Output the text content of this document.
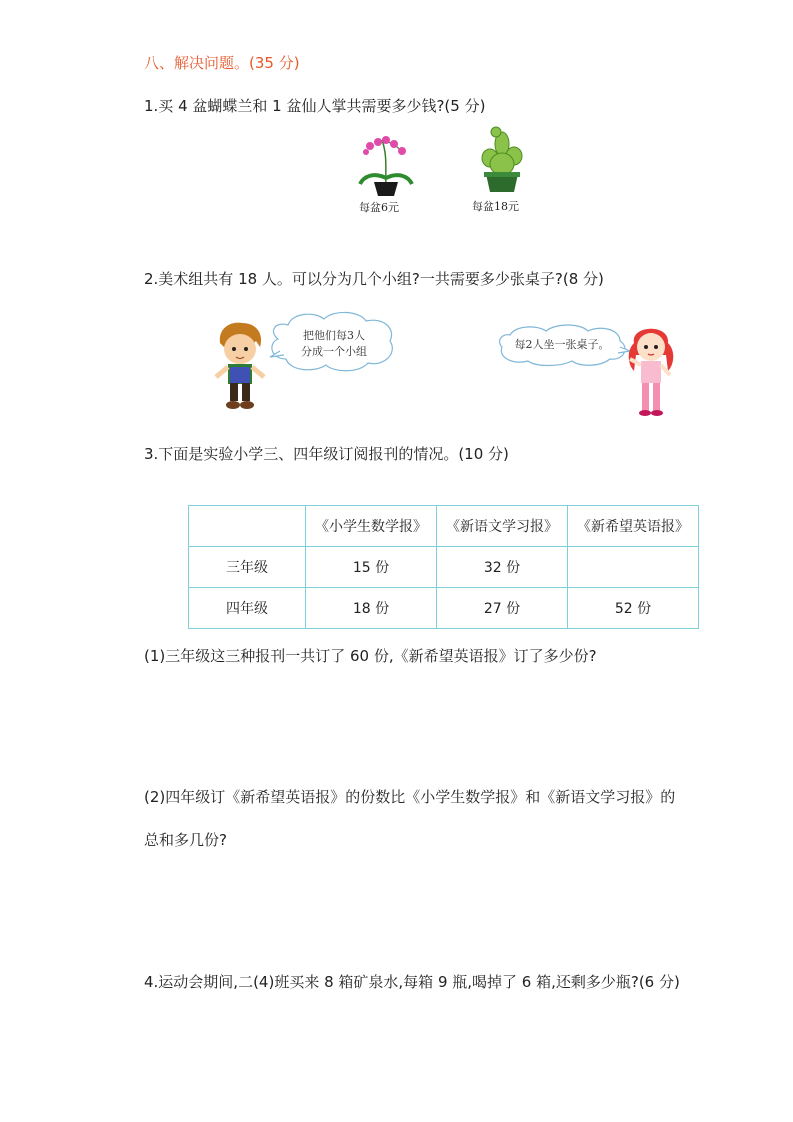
八、解决问题。(35 分)
1.买 4 盆蝴蝶兰和 1 盆仙人掌共需要多少钱?(5 分)
每盆6元	每盆18元
2.美术组共有 18 人。可以分为几个小组?一共需要多少张桌子?(8 分)
把他们每3人
分成一个小组
每2人坐一张桌子。
3.下面是实验小学三、四年级订阅报刊的情况。(10 分)
	《小学生数学报》	《新语文学习报》	《新希望英语报》
三年级	15 份	32 份	
四年级	18 份	27 份	52 份
(1)三年级这三种报刊一共订了 60 份,《新希望英语报》订了多少份?
(2)四年级订《新希望英语报》的份数比《小学生数学报》和《新语文学习报》的
总和多几份?
4.运动会期间,二(4)班买来 8 箱矿泉水,每箱 9 瓶,喝掉了 6 箱,还剩多少瓶?(6 分)
